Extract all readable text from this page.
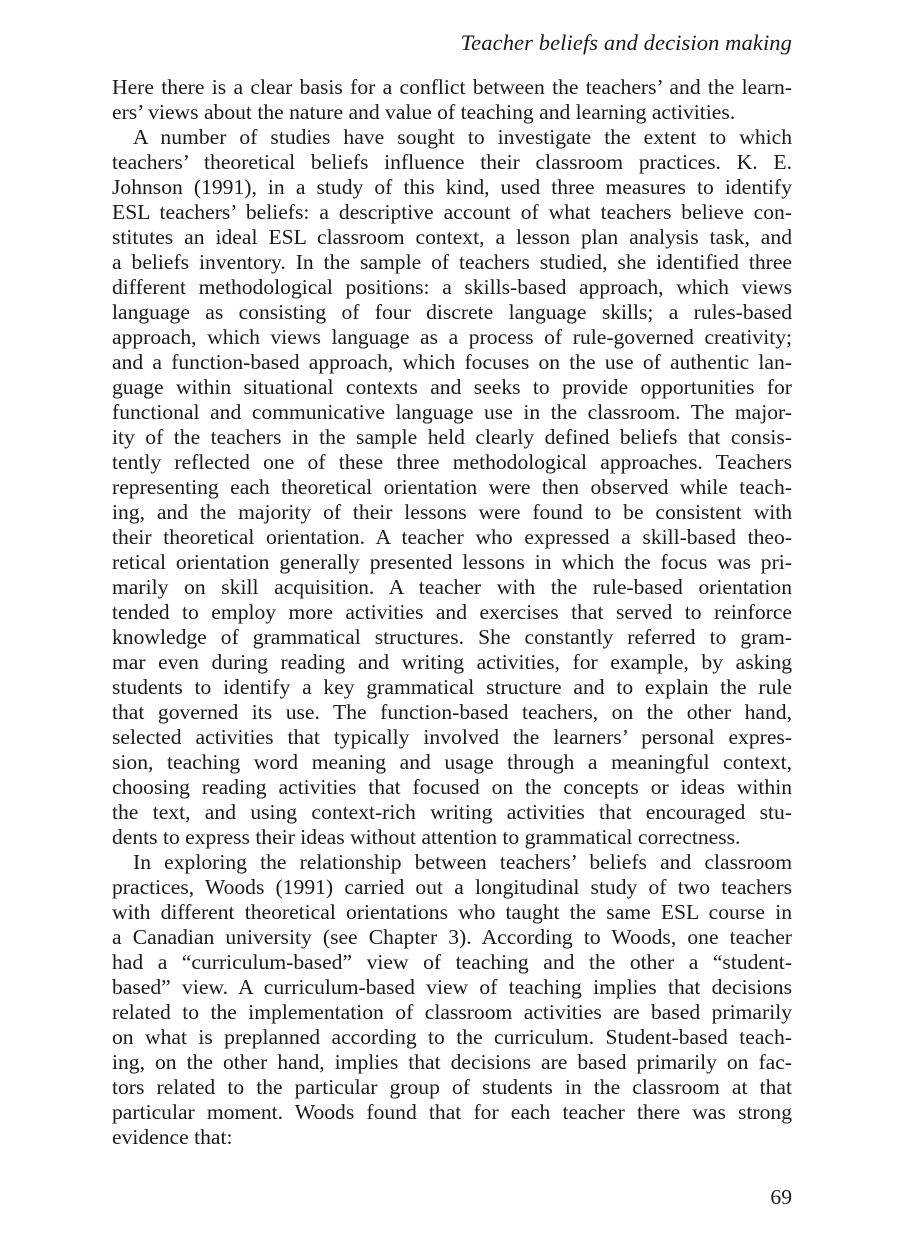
Teacher beliefs and decision making
Here there is a clear basis for a conflict between the teachers’ and the learn-
ers’ views about the nature and value of teaching and learning activities.
A number of studies have sought to investigate the extent to which
teachers’ theoretical beliefs influence their classroom practices. K. E.
Johnson (1991), in a study of this kind, used three measures to identify
ESL teachers’ beliefs: a descriptive account of what teachers believe con-
stitutes an ideal ESL classroom context, a lesson plan analysis task, and
a beliefs inventory. In the sample of teachers studied, she identified three
different methodological positions: a skills-based approach, which views
language as consisting of four discrete language skills; a rules-based
approach, which views language as a process of rule-governed creativity;
and a function-based approach, which focuses on the use of authentic lan-
guage within situational contexts and seeks to provide opportunities for
functional and communicative language use in the classroom. The major-
ity of the teachers in the sample held clearly defined beliefs that consis-
tently reflected one of these three methodological approaches. Teachers
representing each theoretical orientation were then observed while teach-
ing, and the majority of their lessons were found to be consistent with
their theoretical orientation. A teacher who expressed a skill-based theo-
retical orientation generally presented lessons in which the focus was pri-
marily on skill acquisition. A teacher with the rule-based orientation
tended to employ more activities and exercises that served to reinforce
knowledge of grammatical structures. She constantly referred to gram-
mar even during reading and writing activities, for example, by asking
students to identify a key grammatical structure and to explain the rule
that governed its use. The function-based teachers, on the other hand,
selected activities that typically involved the learners’ personal expres-
sion, teaching word meaning and usage through a meaningful context,
choosing reading activities that focused on the concepts or ideas within
the text, and using context-rich writing activities that encouraged stu-
dents to express their ideas without attention to grammatical correctness.
In exploring the relationship between teachers’ beliefs and classroom
practices, Woods (1991) carried out a longitudinal study of two teachers
with different theoretical orientations who taught the same ESL course in
a Canadian university (see Chapter 3). According to Woods, one teacher
had a “curriculum-based” view of teaching and the other a “student-
based” view. A curriculum-based view of teaching implies that decisions
related to the implementation of classroom activities are based primarily
on what is preplanned according to the curriculum. Student-based teach-
ing, on the other hand, implies that decisions are based primarily on fac-
tors related to the particular group of students in the classroom at that
particular moment. Woods found that for each teacher there was strong
evidence that:
69
